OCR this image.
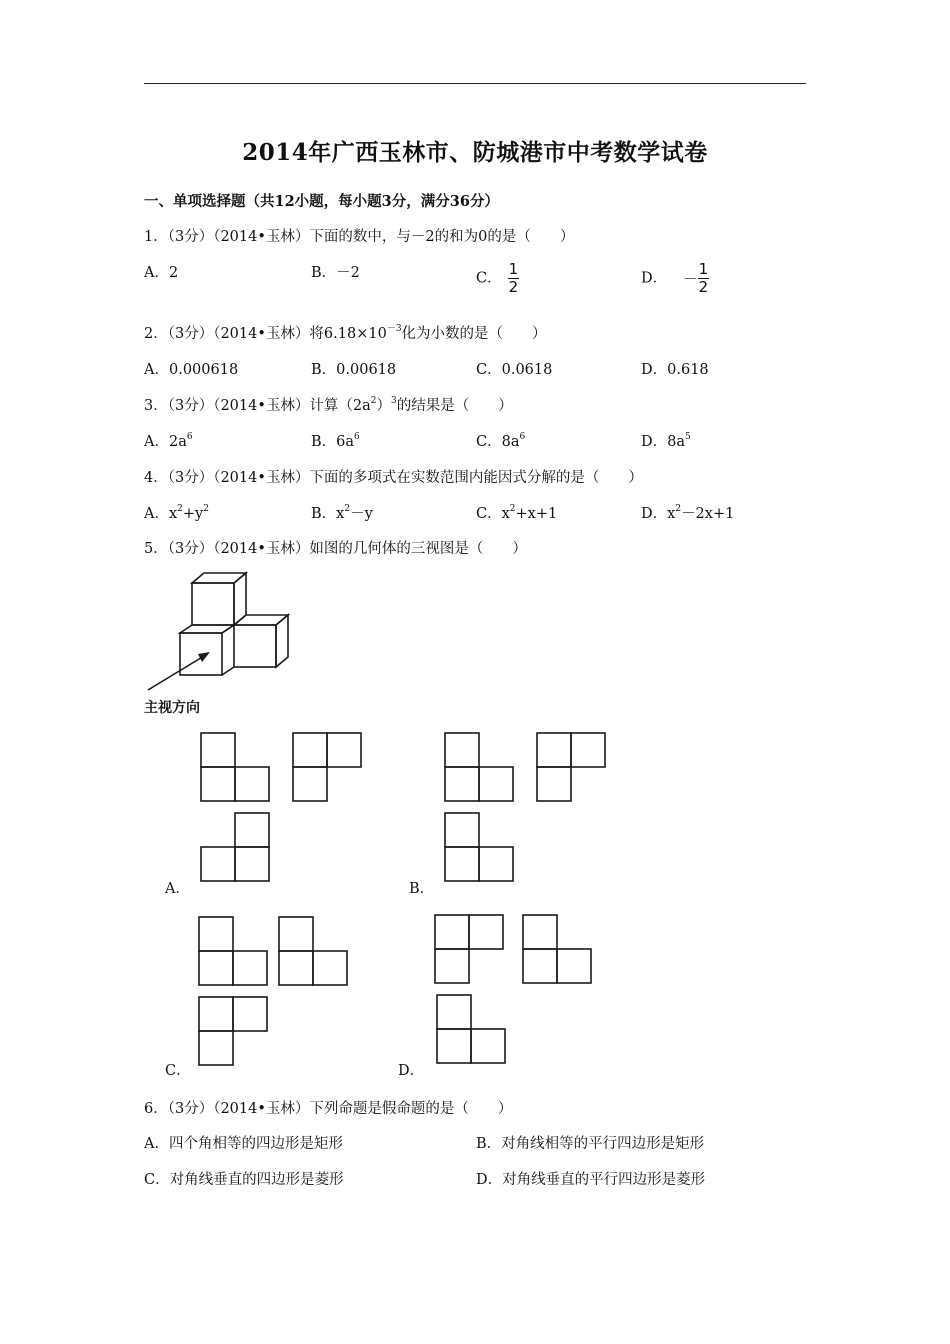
2014年广西玉林市、防城港市中考数学试卷
一、单项选择题（共12小题，每小题3分，满分36分）
1．（3分）（2014•玉林）下面的数中，与－2的和为0的是（　　）
A．2	B．－2	C． $\frac{1}{2}$	D． － $\frac{1}{2}$
2．（3分）（2014•玉林）将$6.18\times 10^{-3}$化为小数的是（　　）
A．0.000618	B．0.00618	C．0.0618	D．0.618
3．（3分）（2014•玉林）计算$(2a^2)^3$的结果是（　　）
A．$2a^6$	B．$6a^6$	C．$8a^6$	D．$8a^5$
4．（3分）（2014•玉林）下面的多项式在实数范围内能因式分解的是（　　）
A．$x^2+y^2$	B．$x^2-y$	C．$x^2+x+1$	D．$x^2-2x+1$
5．（3分）（2014•玉林）如图的几何体的三视图是（　　）
主视方向
A．	B．
C．	D．
6．（3分）（2014•玉林）下列命题是假命题的是（　　）
A．四个角相等的四边形是矩形	B．对角线相等的平行四边形是矩形
C．对角线垂直的四边形是菱形	D．对角线垂直的平行四边形是菱形
